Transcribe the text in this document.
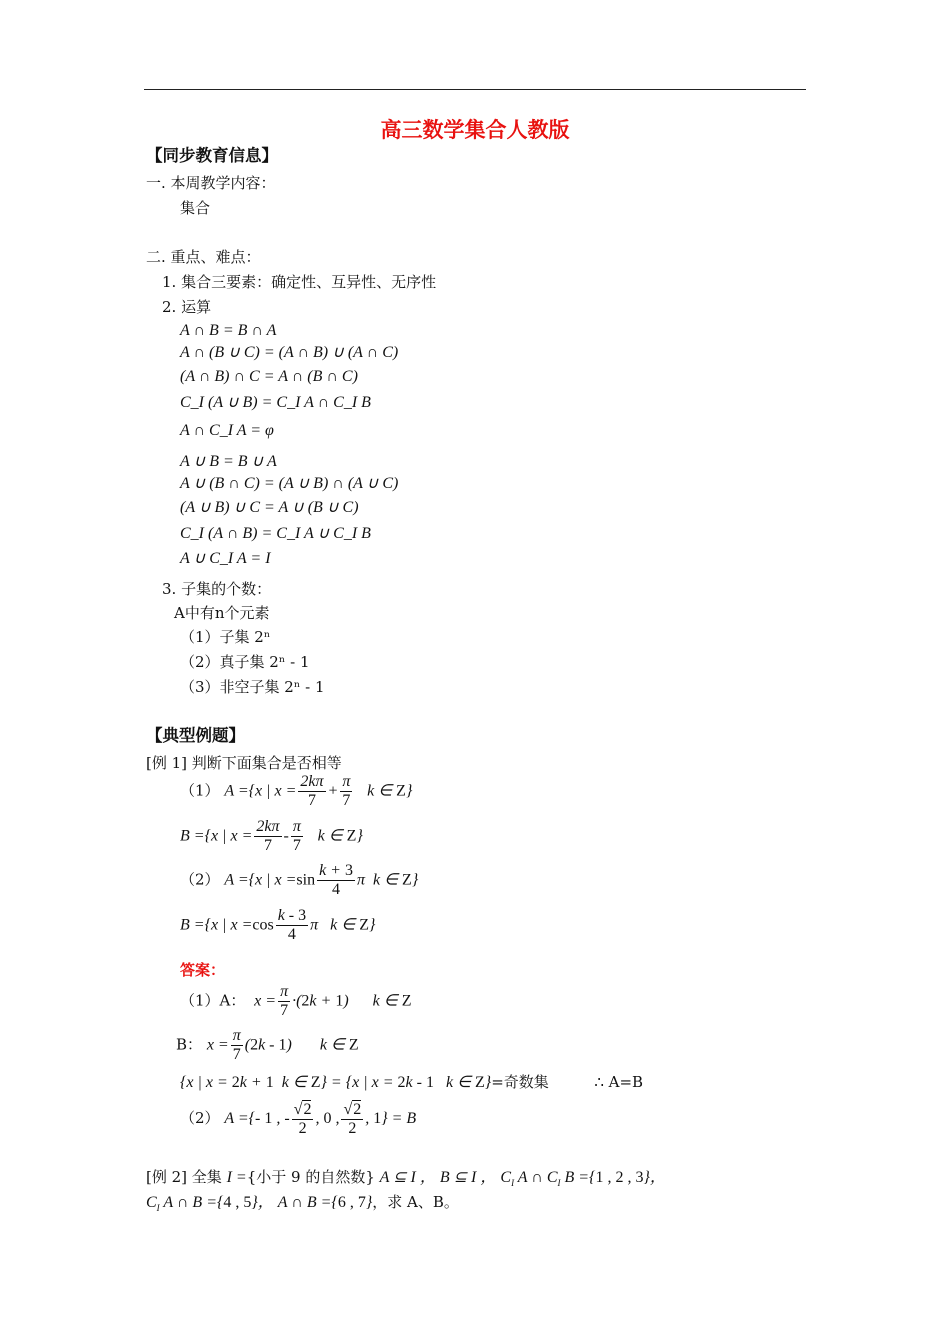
高三数学集合人教版
【同步教育信息】
一. 本周教学内容：
集合
二. 重点、难点：
1. 集合三要素：确定性、互异性、无序性
2. 运算
A ∩ B = B ∩ A
A ∩ (B ∪ C) = (A ∩ B) ∪ (A ∩ C)
(A ∩ B) ∩ C = A ∩ (B ∩ C)
C_I (A ∪ B) = C_I A ∩ C_I B
A ∩ C_I A = φ
A ∪ B = B ∪ A
A ∪ (B ∩ C) = (A ∪ B) ∩ (A ∪ C)
(A ∪ B) ∪ C = A ∪ (B ∪ C)
C_I (A ∩ B) = C_I A ∪ C_I B
A ∪ C_I A = I
3. 子集的个数：
A中有n个元素
（1）子集 2ⁿ
（2）真子集 2ⁿ - 1
（3）非空子集 2ⁿ - 1
【典型例题】
[例 1] 判断下面集合是否相等
（1） A ={x | $x = \frac{2k\pi}{7} + \frac{\pi}{7}$ k ∈ Z}
B ={x | $x = \frac{2k\pi}{7} - \frac{\pi}{7}$ k ∈ Z}
（2） A ={x | $x =\sin \frac{k + 3}{4}$ π  k ∈ Z}
B ={x | $x =\cos \frac{k - 3}{4}$ π   k ∈ Z}
答案：
（1）A：  $x = \frac{\pi}{7} \cdot(2k + 1)$      k ∈ Z
B： $x = \frac{\pi}{7} (2k - 1)$       k ∈ Z
{x | x = 2k + 1  k ∈ Z} = {x | x = 2k - 1   k ∈ Z}=奇数集	∴ A=B
（2） A ={- 1 , - $\frac{√2}{2}$ , 0 , $\frac{√2}{2}$ , 1} = B
[例 2] 全集 I ={小于 9 的自然数} A ⊆ I ， B ⊆ I ， $C_I$ A ∩ $C_I$ B ={1 , 2 , 3}，
$C_I$ A ∩ B ={4 , 5}， A ∩ B ={6 , 7}，求 A、B。
